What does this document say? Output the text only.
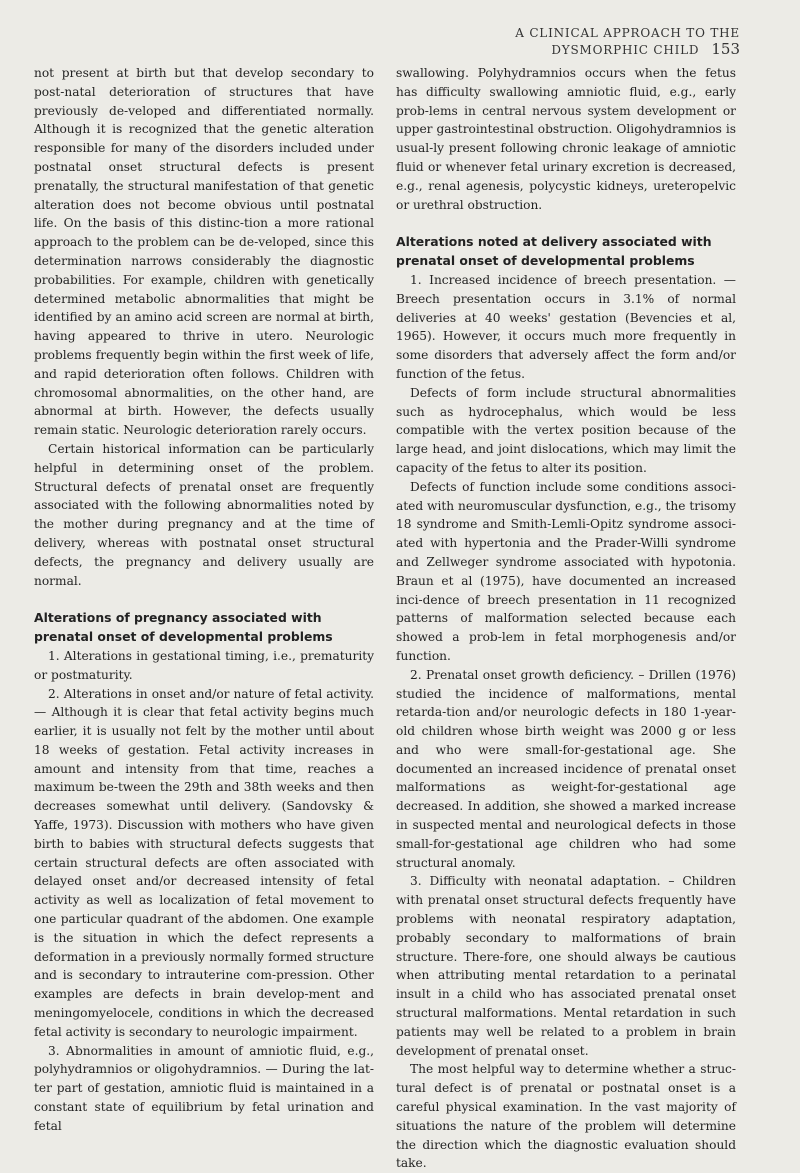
A CLINICAL APPROACH TO THE DYSMORPHIC CHILD 153

not present at birth but that develop secondary to post-natal deterioration of structures that have previously de-veloped and differentiated normally. Although it is recognized that the genetic alteration responsible for many of the disorders included under postnatal onset structural defects is present prenatally, the structural manifestation of that genetic alteration does not become obvious until postnatal life. On the basis of this distinc-tion a more rational approach to the problem can be de-veloped, since this determination narrows considerably the diagnostic probabilities. For example, children with genetically determined metabolic abnormalities that might be identified by an amino acid screen are normal at birth, having appeared to thrive in utero. Neurologic problems frequently begin within the first week of life, and rapid deterioration often follows. Children with chromosomal abnormalities, on the other hand, are abnormal at birth. However, the defects usually remain static. Neurologic deterioration rarely occurs.

Certain historical information can be particularly helpful in determining onset of the problem. Structural defects of prenatal onset are frequently associated with the following abnormalities noted by the mother during pregnancy and at the time of delivery, whereas with postnatal onset structural defects, the pregnancy and delivery usually are normal.

Alterations of pregnancy associated with prenatal onset of developmental problems

1. Alterations in gestational timing, i.e., prematurity or postmaturity.

2. Alterations in onset and/or nature of fetal activity. — Although it is clear that fetal activity begins much earlier, it is usually not felt by the mother until about 18 weeks of gestation. Fetal activity increases in amount and intensity from that time, reaches a maximum be-tween the 29th and 38th weeks and then decreases somewhat until delivery. (Sandovsky & Yaffe, 1973). Discussion with mothers who have given birth to babies with structural defects suggests that certain structural defects are often associated with delayed onset and/or decreased intensity of fetal activity as well as localization of fetal movement to one particular quadrant of the abdomen. One example is the situation in which the defect represents a deformation in a previously normally formed structure and is secondary to intrauterine com-pression. Other examples are defects in brain develop-ment and meningomyelocele, conditions in which the decreased fetal activity is secondary to neurologic impairment.

3. Abnormalities in amount of amniotic fluid, e.g., polyhydramnios or oligohydramnios. — During the lat-ter part of gestation, amniotic fluid is maintained in a constant state of equilibrium by fetal urination and fetal

swallowing. Polyhydramnios occurs when the fetus has difficulty swallowing amniotic fluid, e.g., early prob-lems in central nervous system development or upper gastrointestinal obstruction. Oligohydramnios is usual-ly present following chronic leakage of amniotic fluid or whenever fetal urinary excretion is decreased, e.g., renal agenesis, polycystic kidneys, ureteropelvic or urethral obstruction.

Alterations noted at delivery associated with prenatal onset of developmental problems

1. Increased incidence of breech presentation. — Breech presentation occurs in 3.1% of normal deliveries at 40 weeks' gestation (Bevencies et al, 1965). However, it occurs much more frequently in some disorders that adversely affect the form and/or function of the fetus.

Defects of form include structural abnormalities such as hydrocephalus, which would be less compatible with the vertex position because of the large head, and joint dislocations, which may limit the capacity of the fetus to alter its position.

Defects of function include some conditions associ-ated with neuromuscular dysfunction, e.g., the trisomy 18 syndrome and Smith-Lemli-Opitz syndrome associ-ated with hypertonia and the Prader-Willi syndrome and Zellweger syndrome associated with hypotonia. Braun et al (1975), have documented an increased inci-dence of breech presentation in 11 recognized patterns of malformation selected because each showed a prob-lem in fetal morphogenesis and/or function.

2. Prenatal onset growth deficiency. – Drillen (1976) studied the incidence of malformations, mental retarda-tion and/or neurologic defects in 180 1-year-old children whose birth weight was 2000 g or less and who were small-for-gestational age. She documented an increased incidence of prenatal onset malformations as weight-for-gestational age decreased. In addition, she showed a marked increase in suspected mental and neurological defects in those small-for-gestational age children who had some structural anomaly.

3. Difficulty with neonatal adaptation. – Children with prenatal onset structural defects frequently have problems with neonatal respiratory adaptation, probably secondary to malformations of brain structure. There-fore, one should always be cautious when attributing mental retardation to a perinatal insult in a child who has associated prenatal onset structural malformations. Mental retardation in such patients may well be related to a problem in brain development of prenatal onset.

The most helpful way to determine whether a struc-tural defect is of prenatal or postnatal onset is a careful physical examination. In the vast majority of situations the nature of the problem will determine the direction which the diagnostic evaluation should take.
